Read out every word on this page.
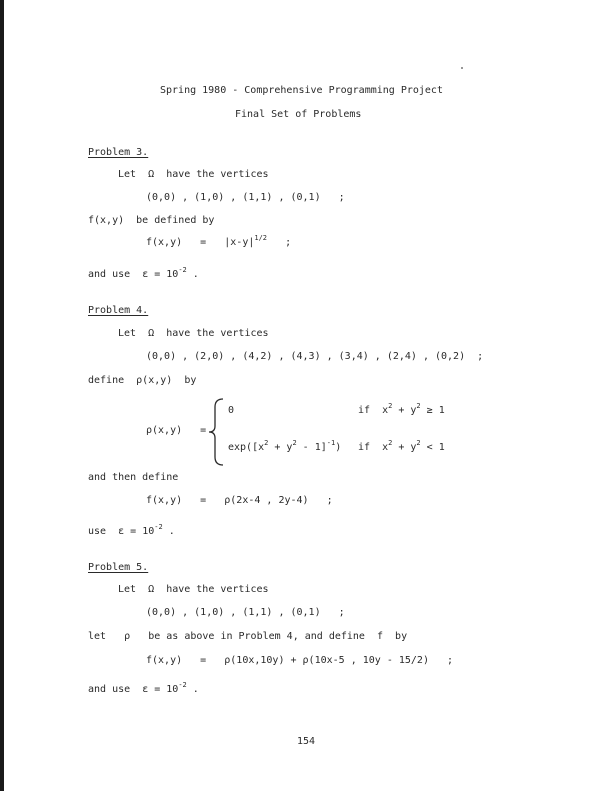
Spring 1980 - Comprehensive Programming Project
Final Set of Problems
Problem 3.
Let Ω have the vertices
(0,0) , (1,0) , (1,1) , (0,1)   ;
f(x,y)  be defined by
$f(x,y) = |x-y|^{1/2}$   ;
and use  $\varepsilon = 10^{-2}$ .
Problem 4.
Let Ω have the vertices
(0,0) , (2,0) , (4,2) , (4,3) , (3,4) , (2,4) , (0,2)  ;
define  ρ(x,y)  by
ρ(x,y)   =
0	if  $x^2 + y^2 \ge 1$
$\exp([x^2 + y^2 - 1]^{-1})$ if  $x^2 + y^2 < 1$
and then define
f(x,y)   =   ρ(2x-4 , 2y-4)   ;
use  $\varepsilon = 10^{-2}$ .
Problem 5.
Let Ω have the vertices
(0,0) , (1,0) , (1,1) , (0,1)   ;
let   ρ   be as above in Problem 4, and define  f  by
f(x,y)   =   ρ(10x,10y) + ρ(10x-5 , 10y - 15/2)   ;
and use  $\varepsilon = 10^{-2}$ .
154
